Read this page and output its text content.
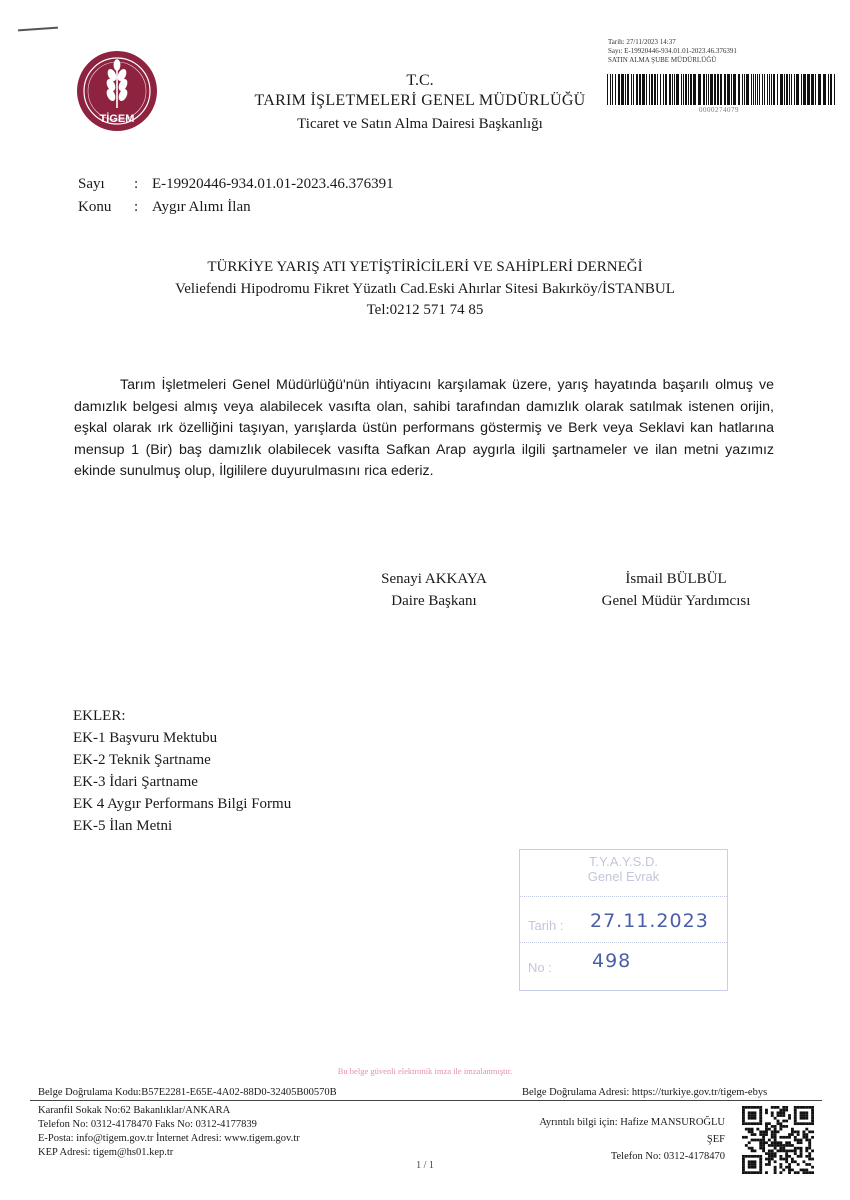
TİGEM
T.C.
TARIM İŞLETMELERİ GENEL MÜDÜRLÜĞÜ
Ticaret ve Satın Alma Dairesi Başkanlığı
Tarih: 27/11/2023 14:37
Sayı: E-19920446-934.01.01-2023.46.376391
SATIN ALMA ŞUBE MÜDÜRLÜĞÜ
0000274079
Sayı : E-19920446-934.01.01-2023.46.376391
Konu : Aygır Alımı İlan
TÜRKİYE YARIŞ ATI YETİŞTİRİCİLERİ VE SAHİPLERİ DERNEĞİ
Veliefendi Hipodromu Fikret Yüzatlı Cad.Eski Ahırlar Sitesi Bakırköy/İSTANBUL
Tel:0212 571 74 85

Tarım İşletmeleri Genel Müdürlüğü'nün ihtiyacını karşılamak üzere, yarış hayatında başarılı olmuş ve damızlık belgesi almış veya alabilecek vasıfta olan, sahibi tarafından damızlık olarak satılmak istenen orijin, eşkal olarak ırk özelliğini taşıyan, yarışlarda üstün performans göstermiş ve Berk veya Seklavi kan hatlarına mensup 1 (Bir) baş damızlık olabilecek vasıfta Safkan Arap aygırla ilgili şartnameler ve ilan metni yazımız ekinde sunulmuş olup, İlgililere duyurulmasını rica ederiz.

Senayi AKKAYA
Daire Başkanı
İsmail BÜLBÜL
Genel Müdür Yardımcısı
EKLER:
EK-1 Başvuru Mektubu
EK-2 Teknik Şartname
EK-3 İdari Şartname
EK 4 Aygır Performans Bilgi Formu
EK-5 İlan Metni
T.Y.A.Y.S.D.
Genel Evrak
Tarih : 27.11.2023
No : 498
Bu belge güvenli elektronik imza ile imzalanmıştır.
Belge Doğrulama Kodu:B57E2281-E65E-4A02-88D0-32405B00570B	Belge Doğrulama Adresi: https://turkiye.gov.tr/tigem-ebys
Karanfil Sokak No:62 Bakanlıklar/ANKARA
Telefon No: 0312-4178470 Faks No: 0312-4177839
E-Posta: info@tigem.gov.tr İnternet Adresi: www.tigem.gov.tr
KEP Adresi: tigem@hs01.kep.tr
Ayrıntılı bilgi için: Hafize MANSUROĞLU
ŞEF
Telefon No: 0312-4178470
1 / 1
